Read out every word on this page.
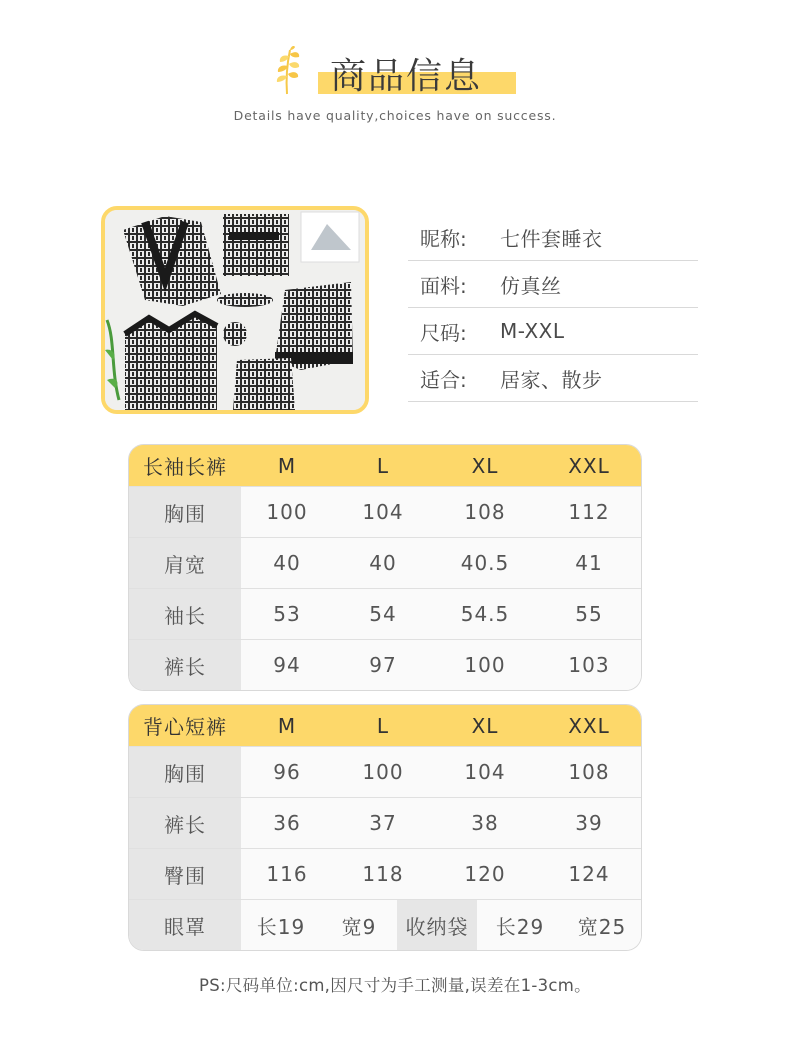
商品信息
Details have quality,choices have on success.
昵称:	七件套睡衣
面料:	仿真丝
尺码:	M-XXL
适合:	居家、散步
长袖长裤	M	L	XL	XXL
胸围	100	104	108	112
肩宽	40	40	40.5	41
袖长	53	54	54.5	55
裤长	94	97	100	103
背心短裤	M	L	XL	XXL
胸围	96	100	104	108
裤长	36	37	38	39
臀围	116	118	120	124
眼罩	长19	宽9	收纳袋	长29	宽25
PS:尺码单位:cm,因尺寸为手工测量,误差在1-3cm。
